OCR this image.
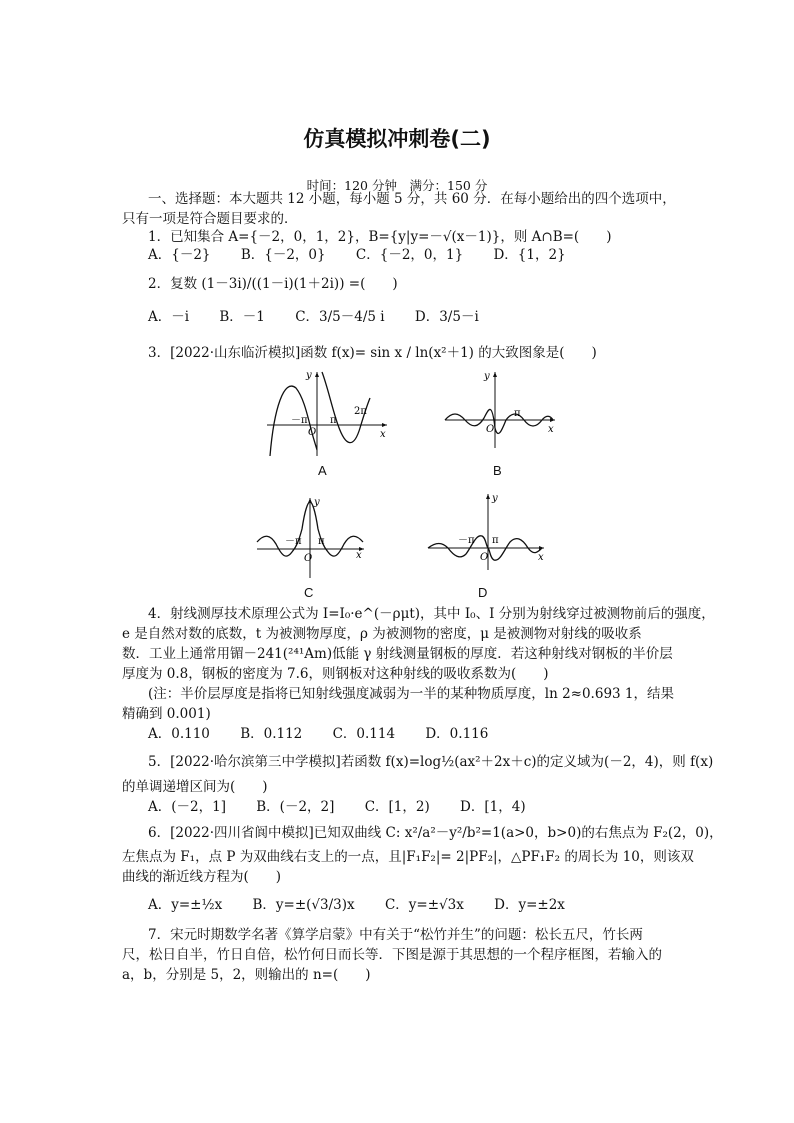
仿真模拟冲刺卷(二)
时间：120 分钟　满分：150 分
一、选择题：本大题共 12 小题，每小题 5 分，共 60 分．在每小题给出的四个选项中，
只有一项是符合题目要求的．
1．已知集合 A={－2，0，1，2}，B={y|y=－√(x－1)}，则 A∩B=(　　)
A．{－2} B．{－2，0} C．{－2，0，1} D．{1，2}
2．复数 (1－3i)/((1－i)(1＋2i)) =(　　)
A．－i B．－1 C．3/5－4/5 i D．3/5－i
3．[2022·山东临沂模拟]函数 f(x)= sin x / ln(x²＋1) 的大致图象是(　　)
π
－π
O
2π
x
y
A
π
O	x
y
B
π
－π
O	x
y
C
π
－π
O	x
y
D
4．射线测厚技术原理公式为 I=I₀·e^(－ρμt)，其中 I₀、I 分别为射线穿过被测物前后的强度，
e 是自然对数的底数，t 为被测物厚度，ρ 为被测物的密度，μ 是被测物对射线的吸收系
数．工业上通常用镅－241(²⁴¹Am)低能 γ 射线测量钢板的厚度．若这种射线对钢板的半价层
厚度为 0.8，钢板的密度为 7.6，则钢板对这种射线的吸收系数为(　　)
(注：半价层厚度是指将已知射线强度减弱为一半的某种物质厚度，ln 2≈0.693 1，结果
精确到 0.001)
A．0.110 B．0.112 C．0.114 D．0.116
5．[2022·哈尔滨第三中学模拟]若函数 f(x)=log½(ax²＋2x＋c)的定义域为(－2，4)，则 f(x)
的单调递增区间为(　　)
A．(－2，1] B．(－2，2] C．[1，2) D．[1，4)
6．[2022·四川省阆中模拟]已知双曲线 C: x²/a²－y²/b²=1(a>0，b>0)的右焦点为 F₂(2，0)，
左焦点为 F₁，点 P 为双曲线右支上的一点，且|F₁F₂|= 2|PF₂|，△PF₁F₂ 的周长为 10，则该双
曲线的渐近线方程为(　　)
A．y=±½x B．y=±(√3/3)x C．y=±√3x D．y=±2x
7．宋元时期数学名著《算学启蒙》中有关于“松竹并生”的问题：松长五尺，竹长两
尺，松日自半，竹日自倍，松竹何日而长等．下图是源于其思想的一个程序框图，若输入的
a，b，分别是 5，2，则输出的 n=(　　)
